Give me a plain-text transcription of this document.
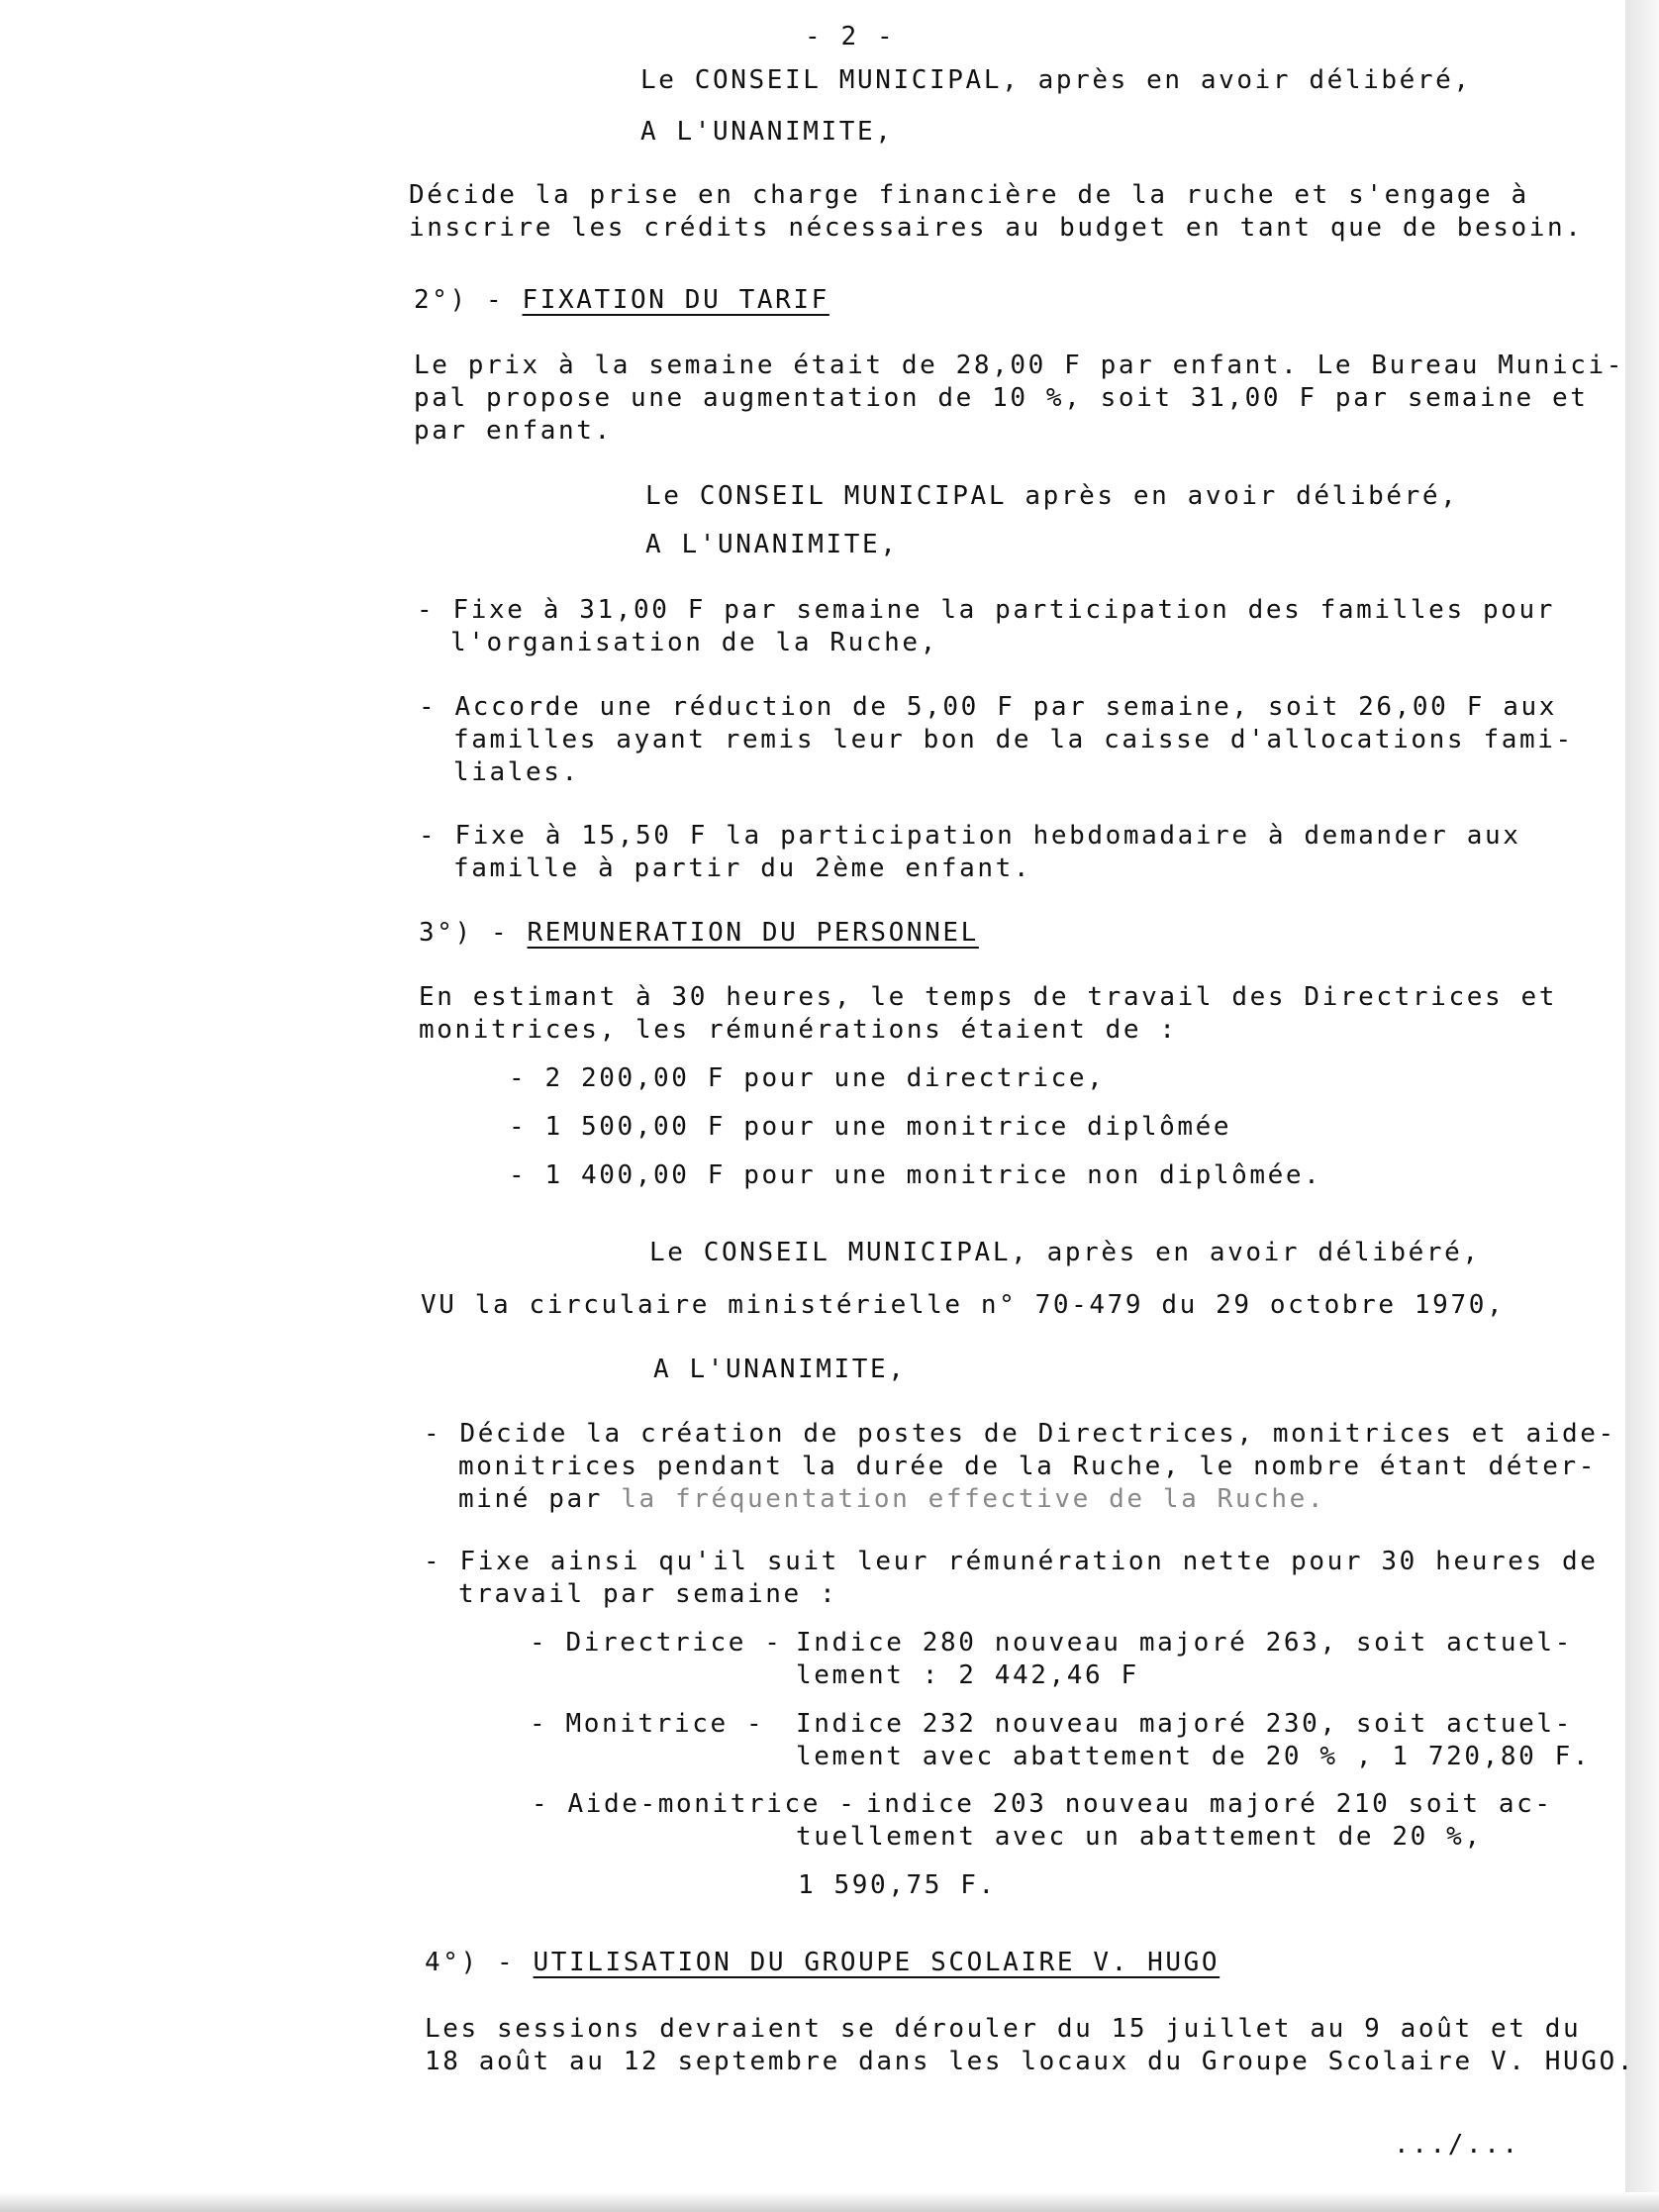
- 2 -

Le CONSEIL MUNICIPAL, après en avoir délibéré,

A L'UNANIMITE,

Décide la prise en charge financière de la ruche et s'engage à

inscrire les crédits nécessaires au budget en tant que de besoin.

2°) - FIXATION DU TARIF

Le prix à la semaine était de 28,00 F par enfant. Le Bureau Munici-

pal propose une augmentation de 10 %, soit 31,00 F par semaine et

par enfant.

Le CONSEIL MUNICIPAL après en avoir délibéré,

A L'UNANIMITE,

- Fixe à 31,00 F par semaine la participation des familles pour

l'organisation de la Ruche,

- Accorde une réduction de 5,00 F par semaine, soit 26,00 F aux

familles ayant remis leur bon de la caisse d'allocations fami-

liales.

- Fixe à 15,50 F la participation hebdomadaire à demander aux

famille à partir du 2ème enfant.

3°) - REMUNERATION DU PERSONNEL

En estimant à 30 heures, le temps de travail des Directrices et

monitrices, les rémunérations étaient de :

- 2 200,00 F pour une directrice,

- 1 500,00 F pour une monitrice diplômée

- 1 400,00 F pour une monitrice non diplômée.

Le CONSEIL MUNICIPAL, après en avoir délibéré,

VU la circulaire ministérielle n° 70-479 du 29 octobre 1970,

A L'UNANIMITE,

- Décide la création de postes de Directrices, monitrices et aide-

monitrices pendant la durée de la Ruche, le nombre étant déter-

miné par la fréquentation effective de la Ruche.

- Fixe ainsi qu'il suit leur rémunération nette pour 30 heures de

travail par semaine :

- Directrice - Indice 280 nouveau majoré 263, soit actuel-

lement : 2 442,46 F

- Monitrice - Indice 232 nouveau majoré 230, soit actuel-

lement avec abattement de 20 % , 1 720,80 F.

- Aide-monitrice - indice 203 nouveau majoré 210 soit ac-

tuellement avec un abattement de 20 %,

1 590,75 F.

4°) - UTILISATION DU GROUPE SCOLAIRE V. HUGO

Les sessions devraient se dérouler du 15 juillet au 9 août et du

18 août au 12 septembre dans les locaux du Groupe Scolaire V. HUGO.

.../...
